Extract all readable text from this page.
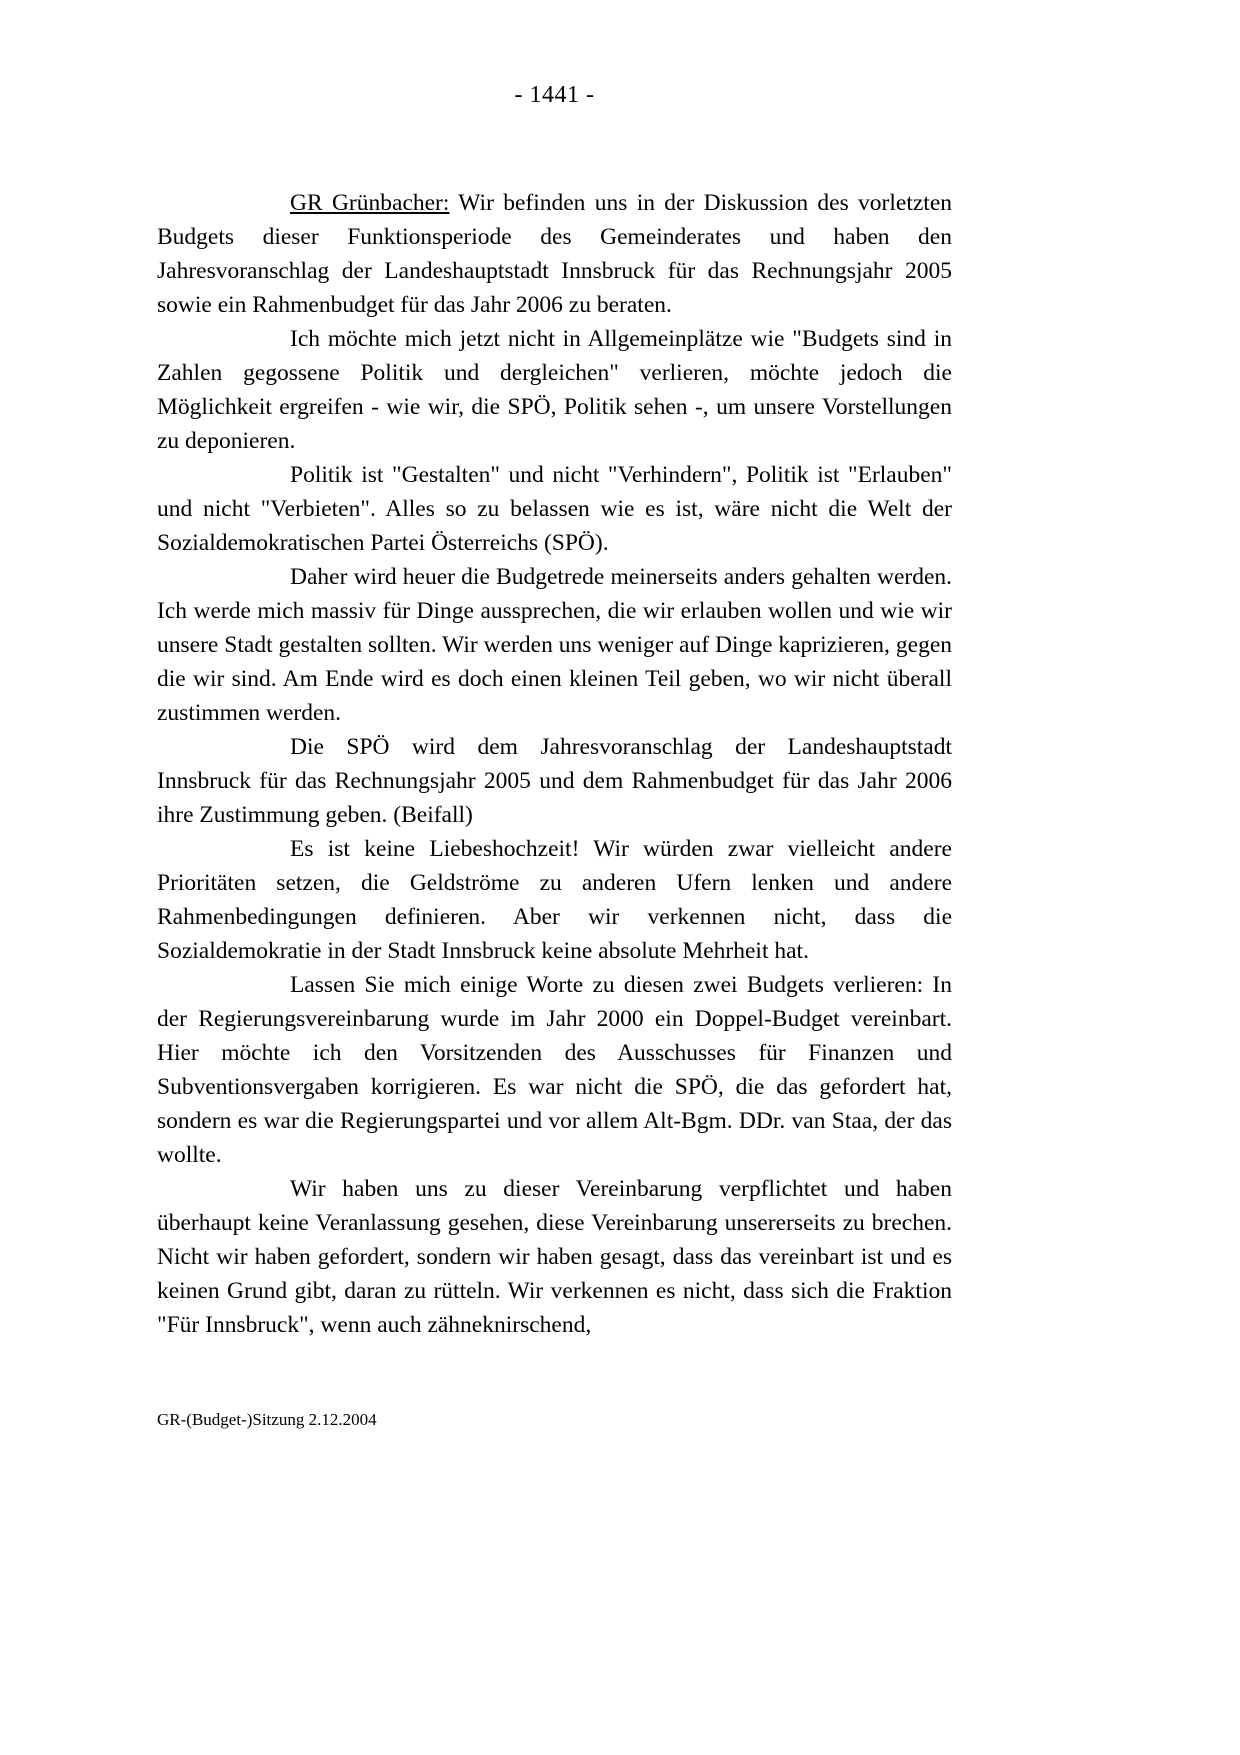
- 1441 -

GR Grünbacher: Wir befinden uns in der Diskussion des vorletzten Budgets dieser Funktionsperiode des Gemeinderates und haben den Jahresvoranschlag der Landeshauptstadt Innsbruck für das Rechnungsjahr 2005 sowie ein Rahmenbudget für das Jahr 2006 zu beraten.

Ich möchte mich jetzt nicht in Allgemeinplätze wie "Budgets sind in Zahlen gegossene Politik und dergleichen" verlieren, möchte jedoch die Möglichkeit ergreifen - wie wir, die SPÖ, Politik sehen -, um unsere Vorstellungen zu deponieren.

Politik ist "Gestalten" und nicht "Verhindern", Politik ist "Erlauben" und nicht "Verbieten". Alles so zu belassen wie es ist, wäre nicht die Welt der Sozialdemokratischen Partei Österreichs (SPÖ).

Daher wird heuer die Budgetrede meinerseits anders gehalten werden. Ich werde mich massiv für Dinge aussprechen, die wir erlauben wollen und wie wir unsere Stadt gestalten sollten. Wir werden uns weniger auf Dinge kaprizieren, gegen die wir sind. Am Ende wird es doch einen kleinen Teil geben, wo wir nicht überall zustimmen werden.

Die SPÖ wird dem Jahresvoranschlag der Landeshauptstadt Innsbruck für das Rechnungsjahr 2005 und dem Rahmenbudget für das Jahr 2006 ihre Zustimmung geben. (Beifall)

Es ist keine Liebeshochzeit! Wir würden zwar vielleicht andere Prioritäten setzen, die Geldströme zu anderen Ufern lenken und andere Rahmenbedingungen definieren. Aber wir verkennen nicht, dass die Sozialdemokratie in der Stadt Innsbruck keine absolute Mehrheit hat.

Lassen Sie mich einige Worte zu diesen zwei Budgets verlieren: In der Regierungsvereinbarung wurde im Jahr 2000 ein Doppel-Budget vereinbart. Hier möchte ich den Vorsitzenden des Ausschusses für Finanzen und Subventionsvergaben korrigieren. Es war nicht die SPÖ, die das gefordert hat, sondern es war die Regierungspartei und vor allem Alt-Bgm. DDr. van Staa, der das wollte.

Wir haben uns zu dieser Vereinbarung verpflichtet und haben überhaupt keine Veranlassung gesehen, diese Vereinbarung unsererseits zu brechen. Nicht wir haben gefordert, sondern wir haben gesagt, dass das vereinbart ist und es keinen Grund gibt, daran zu rütteln. Wir verkennen es nicht, dass sich die Fraktion "Für Innsbruck", wenn auch zähneknirschend,

GR-(Budget-)Sitzung 2.12.2004
